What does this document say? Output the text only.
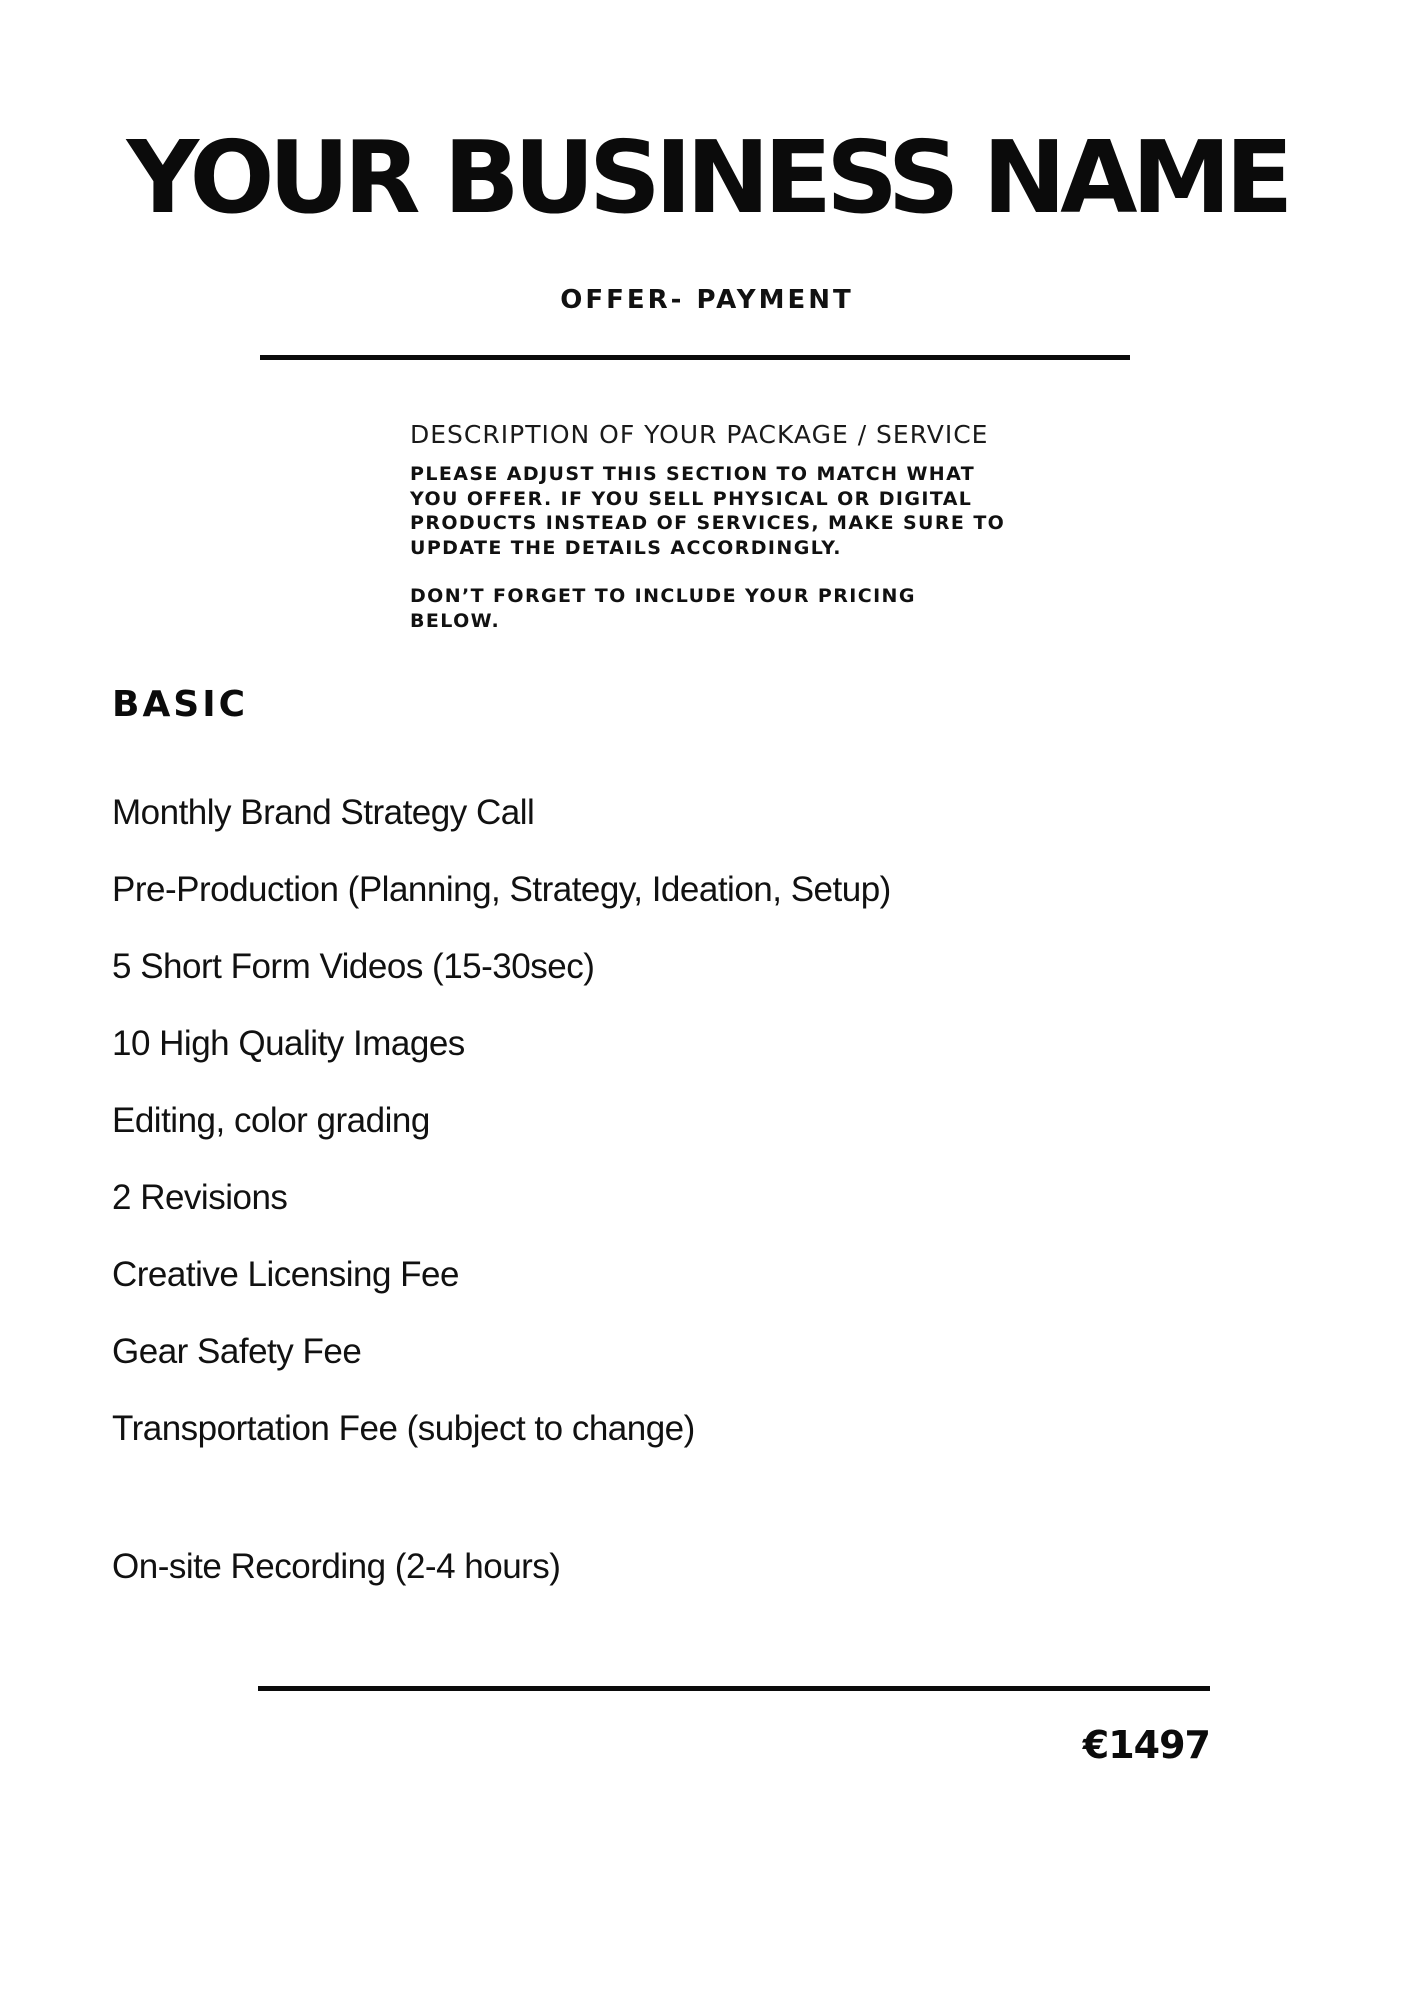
YOUR BUSINESS NAME
OFFER- PAYMENT
DESCRIPTION OF YOUR PACKAGE / SERVICE
PLEASE ADJUST THIS SECTION TO MATCH WHAT YOU OFFER. IF YOU SELL PHYSICAL OR DIGITAL PRODUCTS INSTEAD OF SERVICES, MAKE SURE TO UPDATE THE DETAILS ACCORDINGLY.
DON’T FORGET TO INCLUDE YOUR PRICING BELOW.
BASIC
Monthly Brand Strategy Call
Pre-Production (Planning, Strategy, Ideation, Setup)
5 Short Form Videos (15-30sec)
10 High Quality Images
Editing, color grading
2 Revisions
Creative Licensing Fee
Gear Safety Fee
Transportation Fee (subject to change)
On-site Recording (2-4 hours)
€1497
